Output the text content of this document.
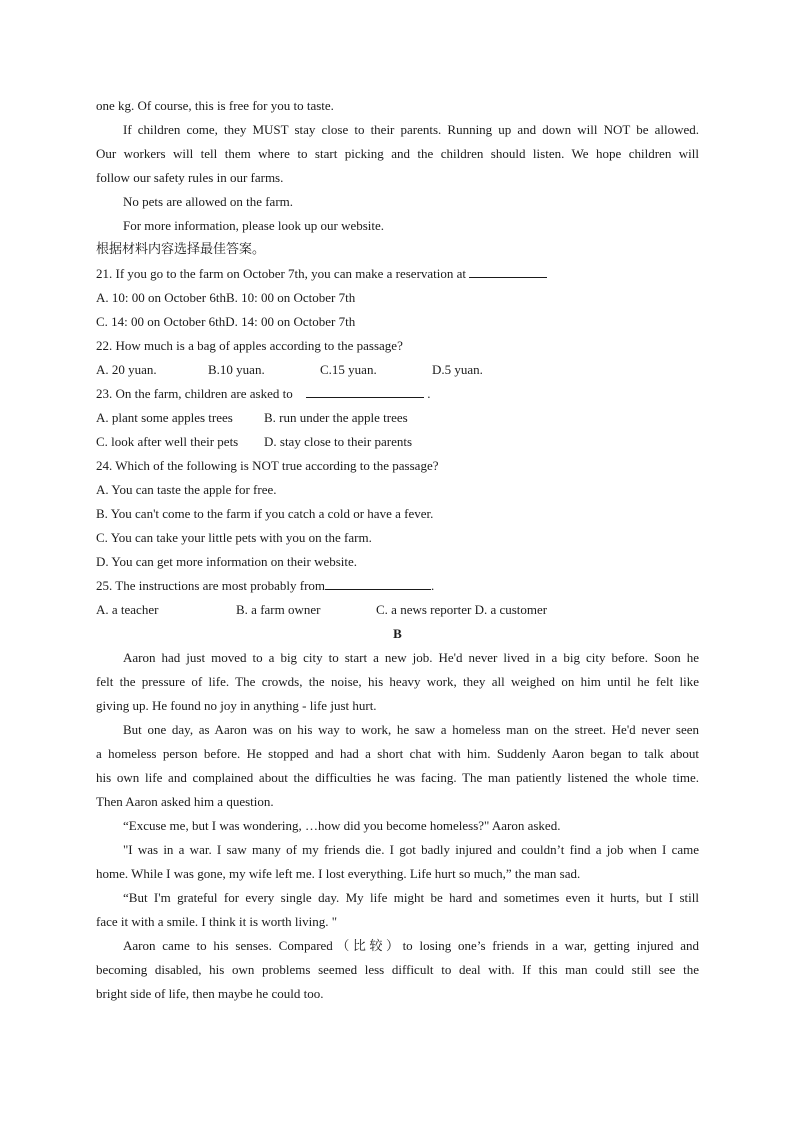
one kg. Of course, this is free for you to taste.
If children come, they MUST stay close to their parents. Running up and down will NOT be allowed.
Our workers will tell them where to start picking and the children should listen. We hope children will
follow our safety rules in our farms.
No pets are allowed on the farm.
For more information, please look up our website.
根据材料内容选择最佳答案。
21. If you go to the farm on October 7th, you can make a reservation at
A. 10: 00 on October 6thB. 10: 00 on October 7th
C. 14: 00 on October 6thD. 14: 00 on October 7th
22. How much is a bag of apples according to the passage?
A. 20 yuan.	B.10 yuan.	C.15 yuan.	D.5 yuan.
23. On the farm, children are asked to	.
A. plant some apples trees B. run under the apple trees
C. look after well their pets D. stay close to their parents
24. Which of the following is NOT true according to the passage?
A. You can taste the apple for free.
B. You can't come to the farm if you catch a cold or have a fever.
C. You can take your little pets with you on the farm.
D. You can get more information on their website.
25. The instructions are most probably from	.
A. a teacher	B. a farm owner	C. a news reporter D. a customer
B
Aaron had just moved to a big city to start a new job. He'd never lived in a big city before. Soon he
felt the pressure of life. The crowds, the noise, his heavy work, they all weighed on him until he felt like
giving up. He found no joy in anything - life just hurt.
But one day, as Aaron was on his way to work, he saw a homeless man on the street. He'd never seen
a homeless person before. He stopped and had a short chat with him. Suddenly Aaron began to talk about
his own life and complained about the difficulties he was facing. The man patiently listened the whole time.
Then Aaron asked him a question.
“Excuse me, but I was wondering, …how did you become homeless?" Aaron asked.
"I was in a war. I saw many of my friends die. I got badly injured and couldn’t find a job when I came
home. While I was gone, my wife left me. I lost everything. Life hurt so much,” the man sad.
“But I'm grateful for every single day. My life might be hard and sometimes even it hurts, but I still
face it with a smile. I think it is worth living. "
Aaron came to his senses. Compared（比较）to losing one’s friends in a war, getting injured and
becoming disabled, his own problems seemed less difficult to deal with. If this man could still see the
bright side of life, then maybe he could too.
